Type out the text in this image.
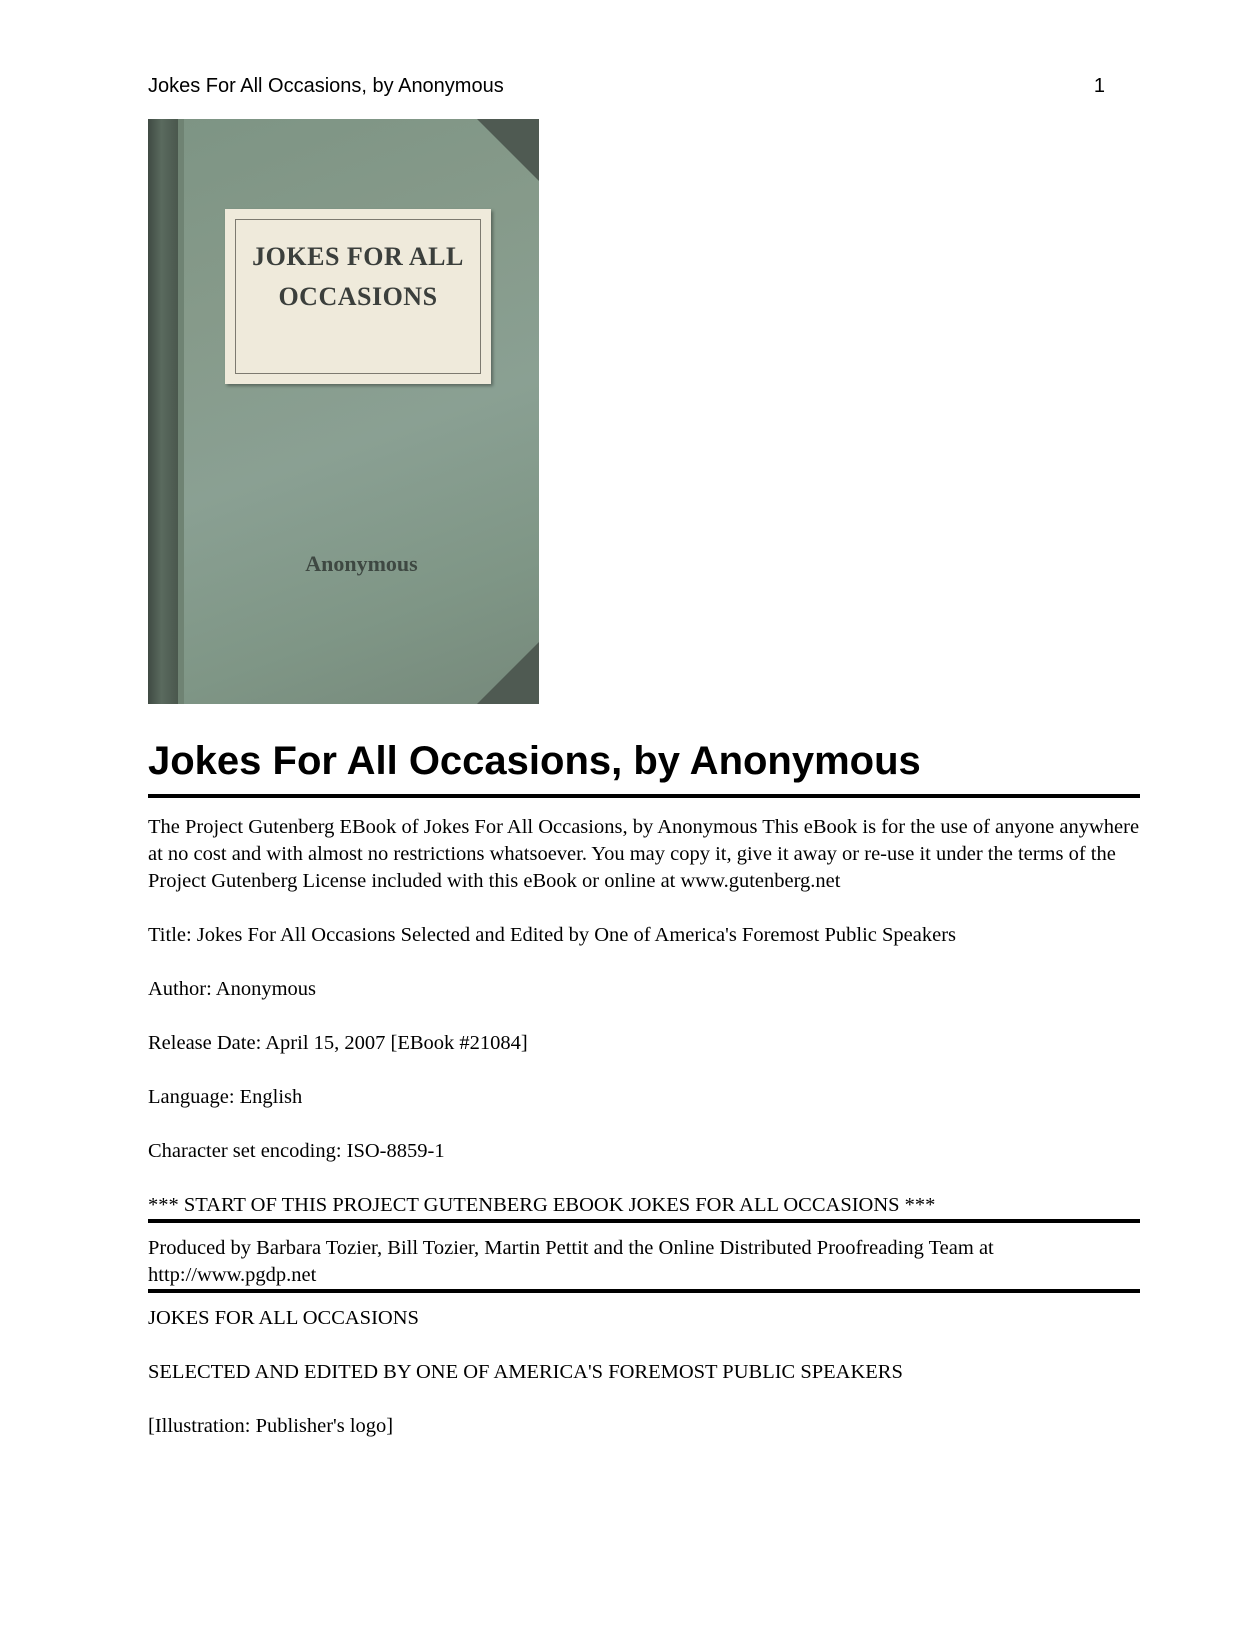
Jokes For All Occasions, by Anonymous	1
JOKES FOR ALL
OCCASIONS
Anonymous
Jokes For All Occasions, by Anonymous

The Project Gutenberg EBook of Jokes For All Occasions, by Anonymous This eBook is for the use of anyone anywhere at no cost and with almost no restrictions whatsoever. You may copy it, give it away or re-use it under the terms of the Project Gutenberg License included with this eBook or online at www.gutenberg.net

Title: Jokes For All Occasions Selected and Edited by One of America's Foremost Public Speakers

Author: Anonymous

Release Date: April 15, 2007 [EBook #21084]

Language: English

Character set encoding: ISO-8859-1

*** START OF THIS PROJECT GUTENBERG EBOOK JOKES FOR ALL OCCASIONS ***

Produced by Barbara Tozier, Bill Tozier, Martin Pettit and the Online Distributed Proofreading Team at http://www.pgdp.net

JOKES FOR ALL OCCASIONS

SELECTED AND EDITED BY ONE OF AMERICA'S FOREMOST PUBLIC SPEAKERS

[Illustration: Publisher's logo]
